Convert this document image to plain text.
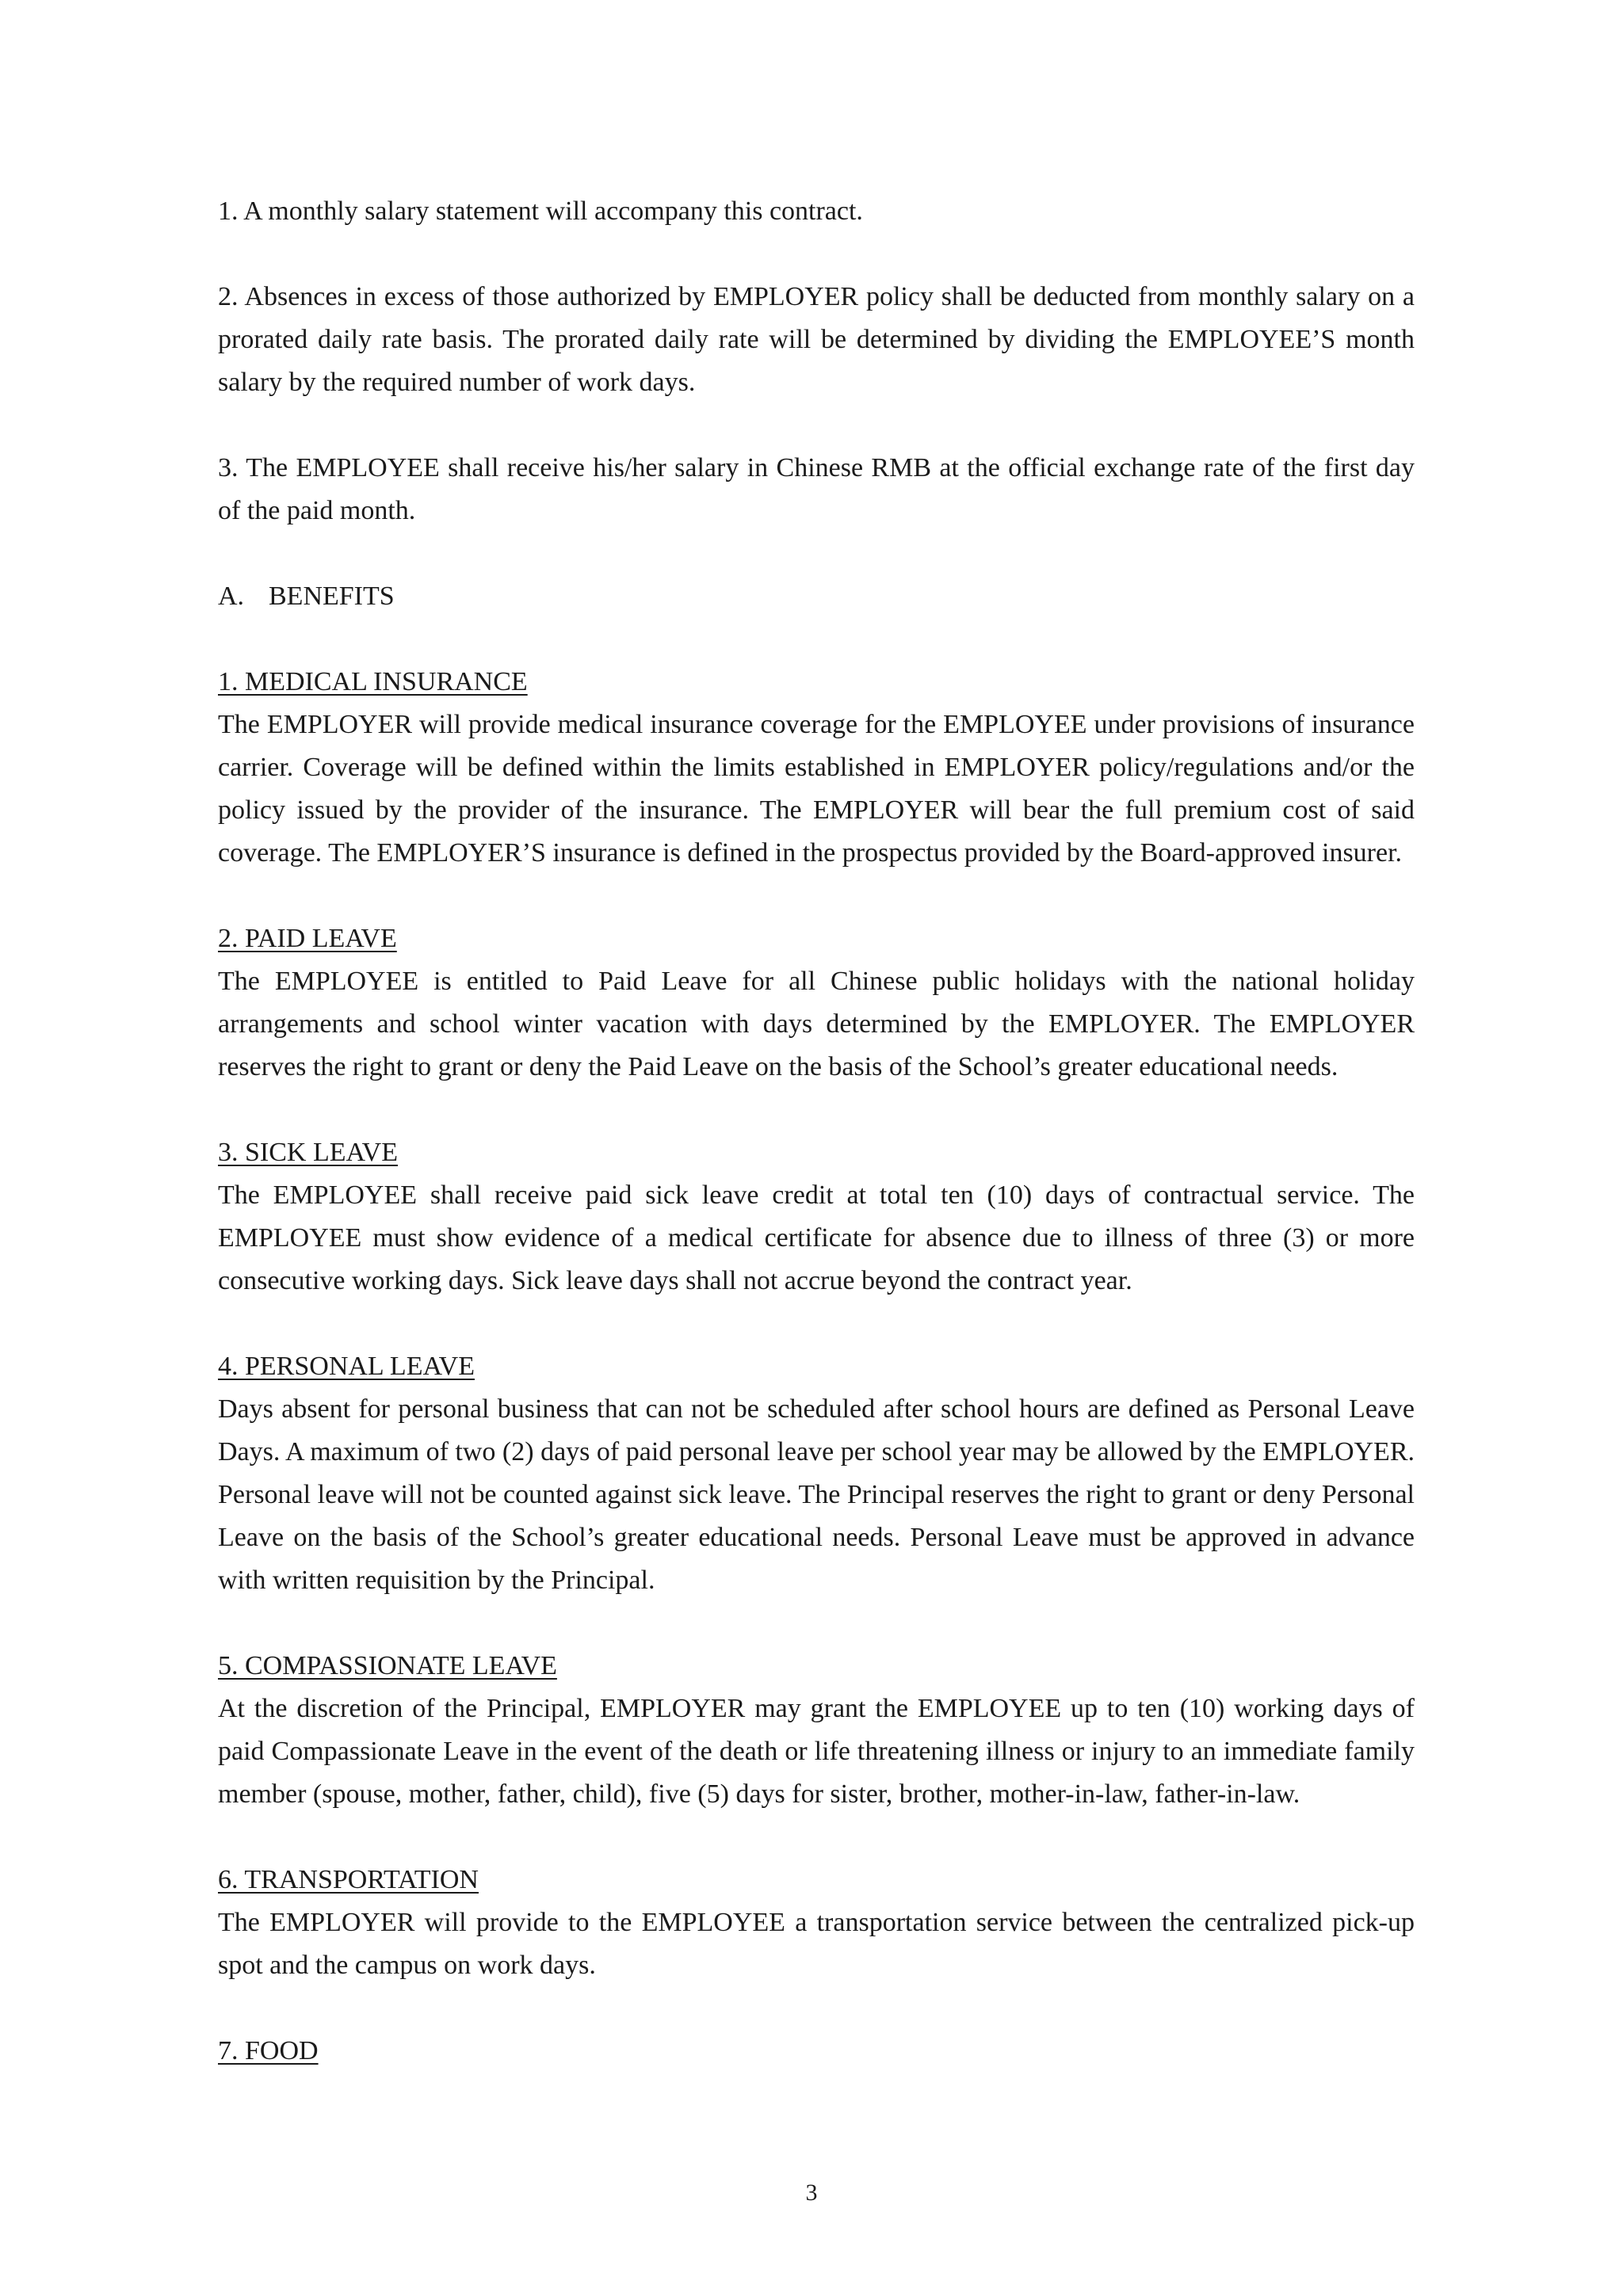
1. A monthly salary statement will accompany this contract.

2. Absences in excess of those authorized by EMPLOYER policy shall be deducted from monthly salary on a prorated daily rate basis. The prorated daily rate will be determined by dividing the EMPLOYEE’S month salary by the required number of work days.

3. The EMPLOYEE shall receive his/her salary in Chinese RMB at the official exchange rate of the first day of the paid month.

A. BENEFITS

1. MEDICAL INSURANCE

The EMPLOYER will provide medical insurance coverage for the EMPLOYEE under provisions of insurance carrier. Coverage will be defined within the limits established in EMPLOYER policy/regulations and/or the policy issued by the provider of the insurance. The EMPLOYER will bear the full premium cost of said coverage. The EMPLOYER’S insurance is defined in the prospectus provided by the Board-approved insurer.

2. PAID LEAVE

The EMPLOYEE is entitled to Paid Leave for all Chinese public holidays with the national holiday arrangements and school winter vacation with days determined by the EMPLOYER. The EMPLOYER reserves the right to grant or deny the Paid Leave on the basis of the School’s greater educational needs.

3. SICK LEAVE

The EMPLOYEE shall receive paid sick leave credit at total ten (10) days of contractual service. The EMPLOYEE must show evidence of a medical certificate for absence due to illness of three (3) or more consecutive working days. Sick leave days shall not accrue beyond the contract year.

4. PERSONAL LEAVE

Days absent for personal business that can not be scheduled after school hours are defined as Personal Leave Days. A maximum of two (2) days of paid personal leave per school year may be allowed by the EMPLOYER. Personal leave will not be counted against sick leave. The Principal reserves the right to grant or deny Personal Leave on the basis of the School’s greater educational needs. Personal Leave must be approved in advance with written requisition by the Principal.

5. COMPASSIONATE LEAVE

At the discretion of the Principal, EMPLOYER may grant the EMPLOYEE up to ten (10) working days of paid Compassionate Leave in the event of the death or life threatening illness or injury to an immediate family member (spouse, mother, father, child), five (5) days for sister, brother, mother-in-law, father-in-law.

6. TRANSPORTATION

The EMPLOYER will provide to the EMPLOYEE a transportation service between the centralized pick-up spot and the campus on work days.

7. FOOD

3
